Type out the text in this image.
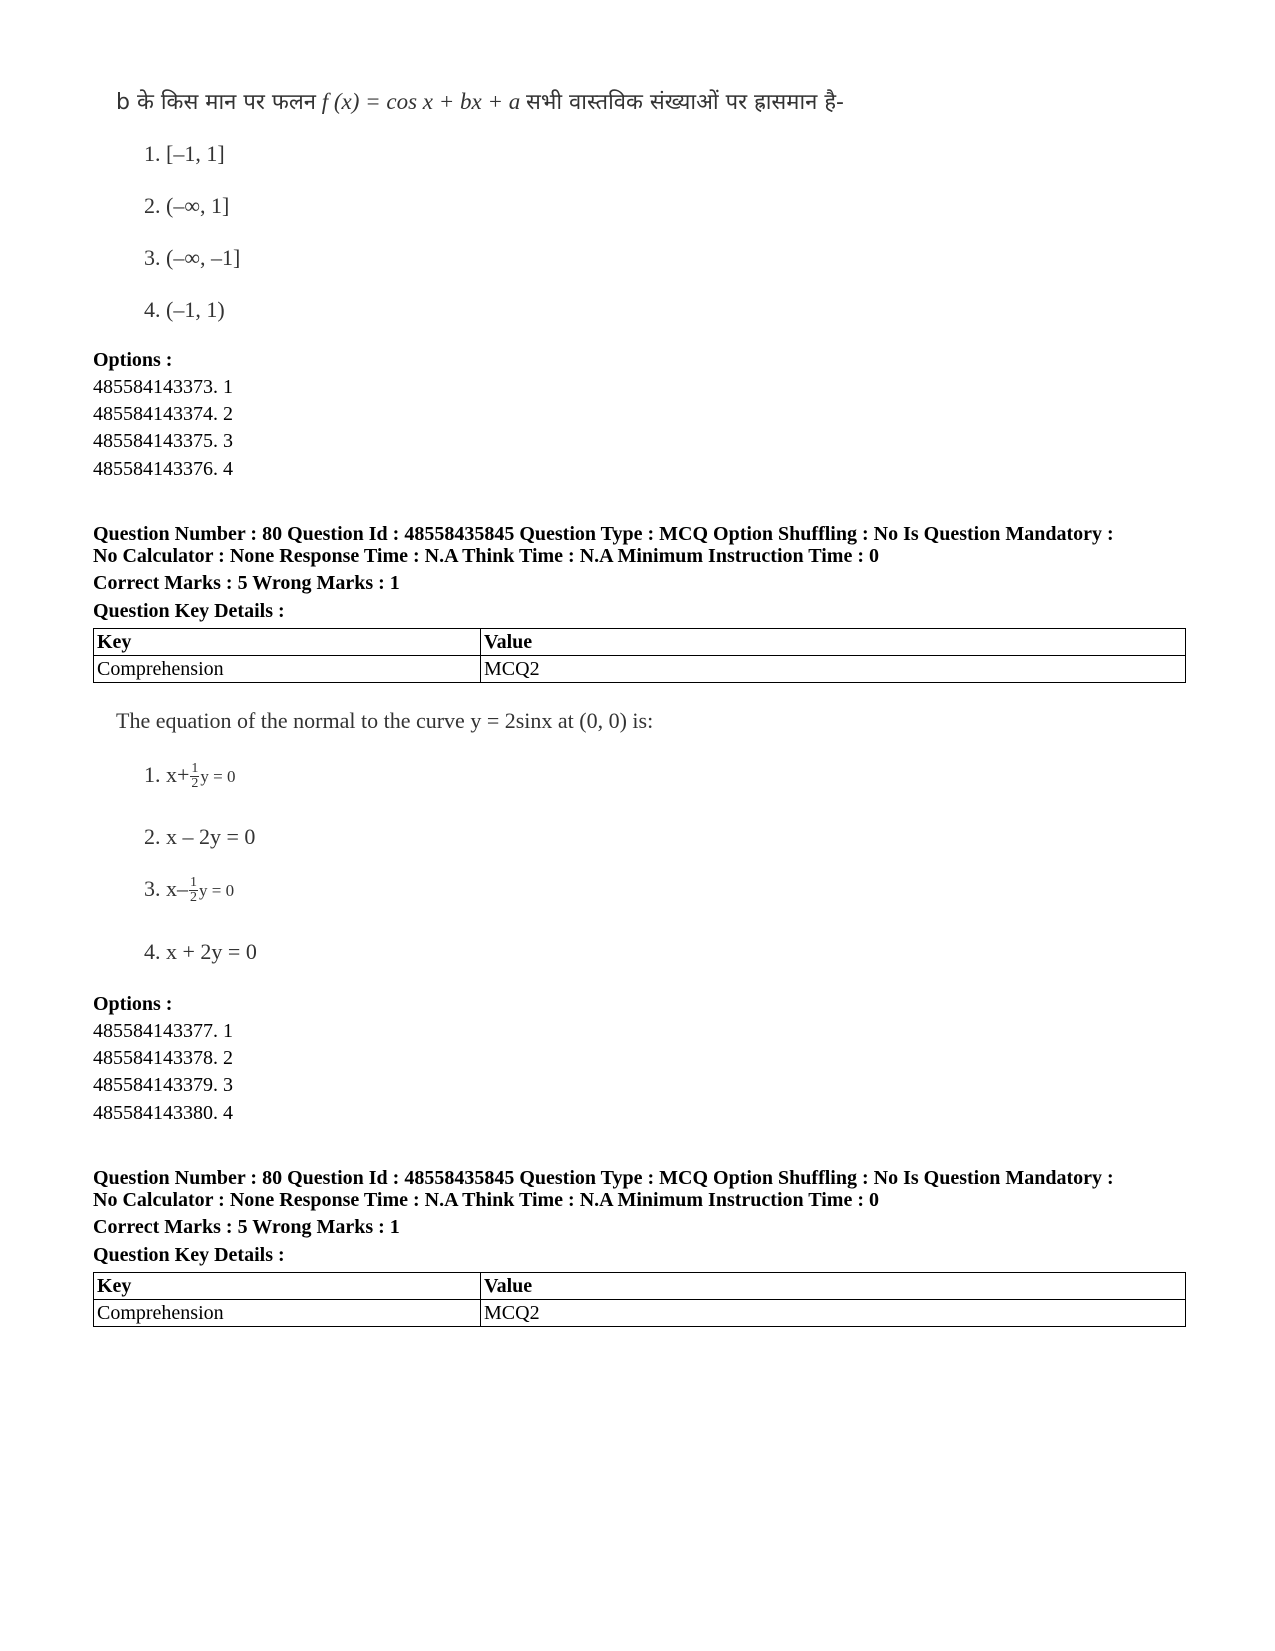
b के किस मान पर फलन f (x) = cos x + bx + a सभी वास्तविक संख्याओं पर ह्रासमान है-
1. [–1, 1]
2. (–∞, 1]
3. (–∞, –1]
4. (–1, 1)
Options :
485584143373. 1
485584143374. 2
485584143375. 3
485584143376. 4
Question Number : 80 Question Id : 48558435845 Question Type : MCQ Option Shuffling : No Is Question Mandatory :
No Calculator : None Response Time : N.A Think Time : N.A Minimum Instruction Time : 0
Correct Marks : 5 Wrong Marks : 1
Question Key Details :
Key	Value
Comprehension	MCQ2
The equation of the normal to the curve y = 2sinx at (0, 0) is:
1. $x+ \frac{1}{2}$ y = 0
2. x – 2y = 0
3. $x- \frac{1}{2}$ y = 0
4. x + 2y = 0
Options :
485584143377. 1
485584143378. 2
485584143379. 3
485584143380. 4
Question Number : 80 Question Id : 48558435845 Question Type : MCQ Option Shuffling : No Is Question Mandatory :
No Calculator : None Response Time : N.A Think Time : N.A Minimum Instruction Time : 0
Correct Marks : 5 Wrong Marks : 1
Question Key Details :
Key	Value
Comprehension	MCQ2
